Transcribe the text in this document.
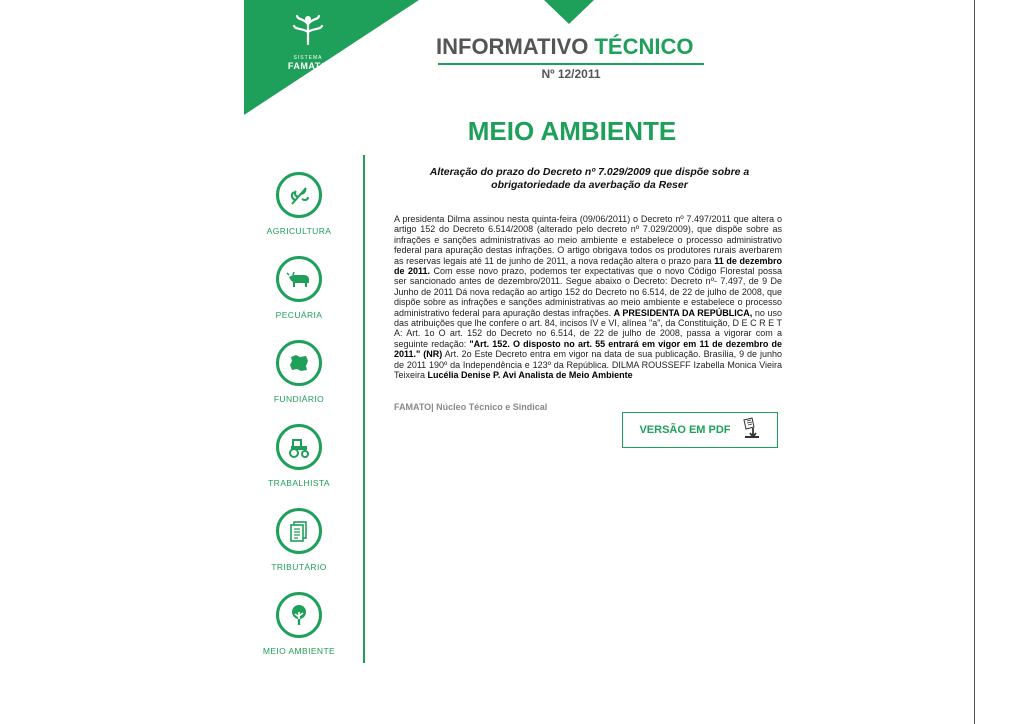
SISTEMA
FAMATO
INFORMATIVO TÉCNICO
Nº 12/2011
MEIO AMBIENTE
AGRICULTURA
PECUÁRIA
FUNDIÁRIO
TRABALHISTA
TRIBUTÁRIO
MEIO AMBIENTE
Alteração do prazo do Decreto nº 7.029/2009 que dispõe sobre a obrigatoriedade da averbação da Reser
A presidenta Dilma assinou nesta quinta-feira (09/06/2011) o Decreto nº 7.497/2011 que altera o artigo 152 do Decreto 6.514/2008 (alterado pelo decreto nº 7.029/2009), que dispõe sobre as infrações e sanções administrativas ao meio ambiente e estabelece o processo administrativo federal para apuração destas infrações. O artigo obrigava todos os produtores rurais averbarem as reservas legais até 11 de junho de 2011, a nova redação altera o prazo para 11 de dezembro de 2011. Com esse novo prazo, podemos ter expectativas que o novo Código Florestal possa ser sancionado antes de dezembro/2011. Segue abaixo o Decreto: Decreto nº- 7.497, de 9 De Junho de 2011 Dá nova redação ao artigo 152 do Decreto no 6.514, de 22 de julho de 2008, que dispõe sobre as infrações e sanções administrativas ao meio ambiente e estabelece o processo administrativo federal para apuração destas infrações. A PRESIDENTA DA REPÚBLICA, no uso das atribuições que lhe confere o art. 84, incisos IV e VI, alínea "a", da Constituição, D E C R E T A: Art. 1o O art. 152 do Decreto no 6.514, de 22 de julho de 2008, passa a vigorar com a seguinte redação: "Art. 152. O disposto no art. 55 entrará em vigor em 11 de dezembro de 2011." (NR) Art. 2o Este Decreto entra em vigor na data de sua publicação. Brasília, 9 de junho de 2011 190º da Independência e 123º da República. DILMA ROUSSEFF Izabella Monica Vieira Teixeira Lucélia Denise P. Avi Analista de Meio Ambiente
FAMATO| Núcleo Técnico e Sindical
VERSÃO EM PDF
